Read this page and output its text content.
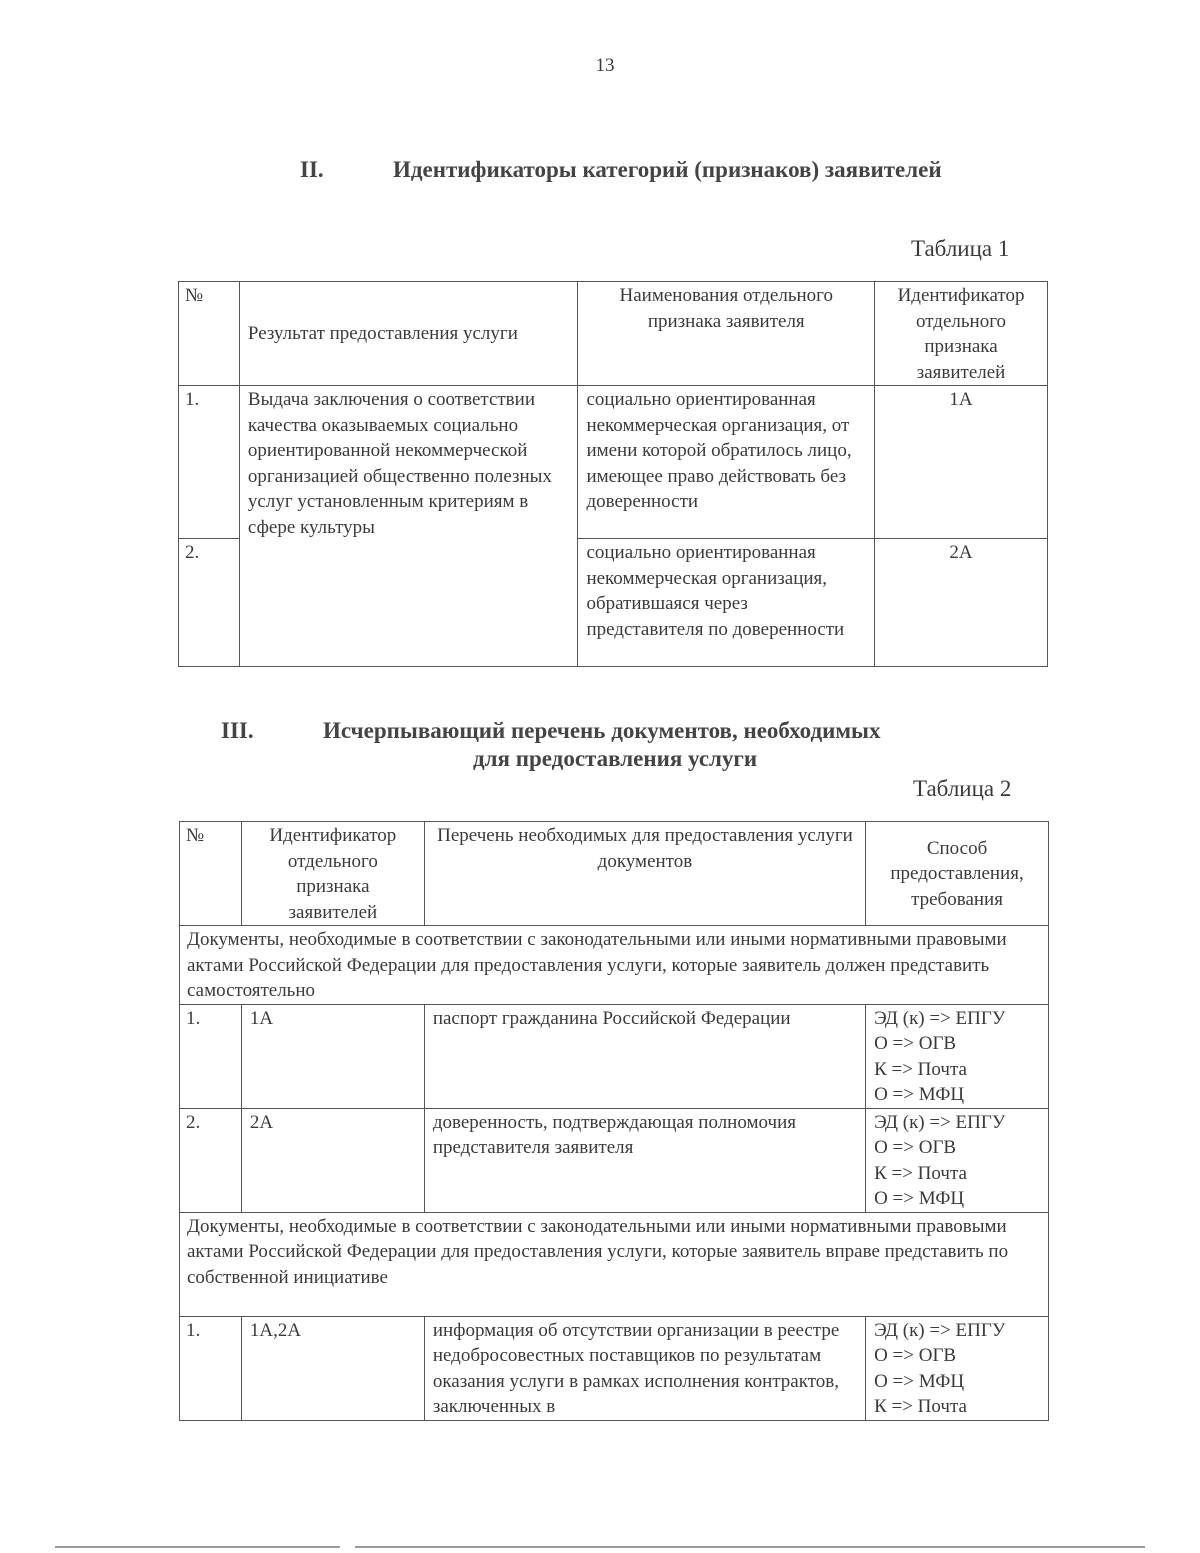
13
II.	Идентификаторы категорий (признаков) заявителей
Таблица 1
№	Результат предоставления услуги	Наименования отдельного признака заявителя	Идентификатор отдельного признака заявителей
1.	Выдача заключения о соответствии качества оказываемых социально ориентированной некоммерческой организацией общественно полезных услуг установленным критериям в сфере культуры	социально ориентированная некоммерческая организация, от имени которой обратилось лицо, имеющее право действовать без доверенности	1А
2.		социально ориентированная некоммерческая организация, обратившаяся через представителя по доверенности	2А
III.	Исчерпывающий перечень документов, необходимых
для предоставления услуги
Таблица 2
№	Идентификатор отдельного признака заявителей	Перечень необходимых для предоставления услуги документов	Способ предоставления, требования
Документы, необходимые в соответствии с законодательными или иными нормативными правовыми актами Российской Федерации для предоставления услуги, которые заявитель должен представить самостоятельно			
1.	1А	паспорт гражданина Российской Федерации	ЭД (к) => ЕПГУ
О => ОГВ
К => Почта
О => МФЦ

2.	2А	доверенность, подтверждающая полномочия представителя заявителя	ЭД (к) => ЕПГУ
О => ОГВ
К => Почта
О => МФЦ

Документы, необходимые в соответствии с законодательными или иными нормативными правовыми актами Российской Федерации для предоставления услуги, которые заявитель вправе представить по собственной инициативе			
1.	1А,2А	информация об отсутствии организации в реестре недобросовестных поставщиков по результатам оказания услуги в рамках исполнения контрактов, заключенных в	ЭД (к) => ЕПГУ
О => ОГВ
О => МФЦ
К => Почта
